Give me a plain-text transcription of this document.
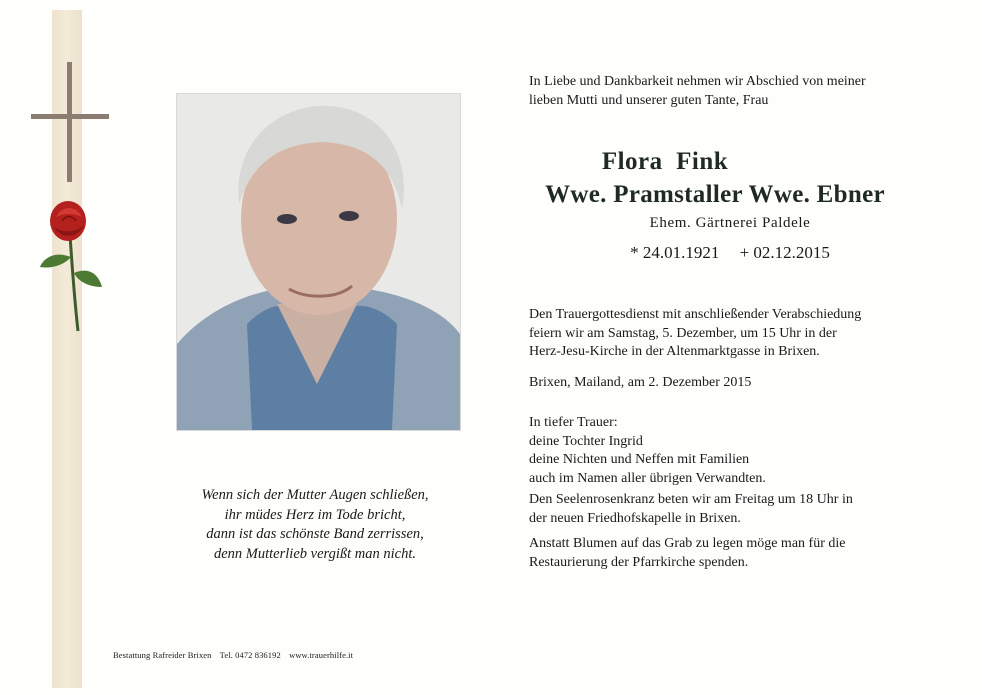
Wenn sich der Mutter Augen schließen,
ihr müdes Herz im Tode bricht,
dann ist das schönste Band zerrissen,
denn Mutterlieb vergißt man nicht.
Bestattung Rafreider Brixen Tel. 0472 836192 www.trauerhilfe.it
In Liebe und Dankbarkeit nehmen wir Abschied von meiner
lieben Mutti und unserer guten Tante, Frau
Flora  Fink
Wwe. Pramstaller Wwe. Ebner
Ehem. Gärtnerei Paldele
* 24.01.1921 + 02.12.2015
Den Trauergottesdienst mit anschließender Verabschiedung
feiern wir am Samstag, 5. Dezember, um 15 Uhr in der
Herz-Jesu-Kirche in der Altenmarktgasse in Brixen.
Brixen, Mailand, am 2. Dezember 2015
In tiefer Trauer:
deine Tochter Ingrid
deine Nichten und Neffen mit Familien
auch im Namen aller übrigen Verwandten.
Den Seelenrosenkranz beten wir am Freitag um 18 Uhr in
der neuen Friedhofskapelle in Brixen.
Anstatt Blumen auf das Grab zu legen möge man für die
Restaurierung der Pfarrkirche spenden.
